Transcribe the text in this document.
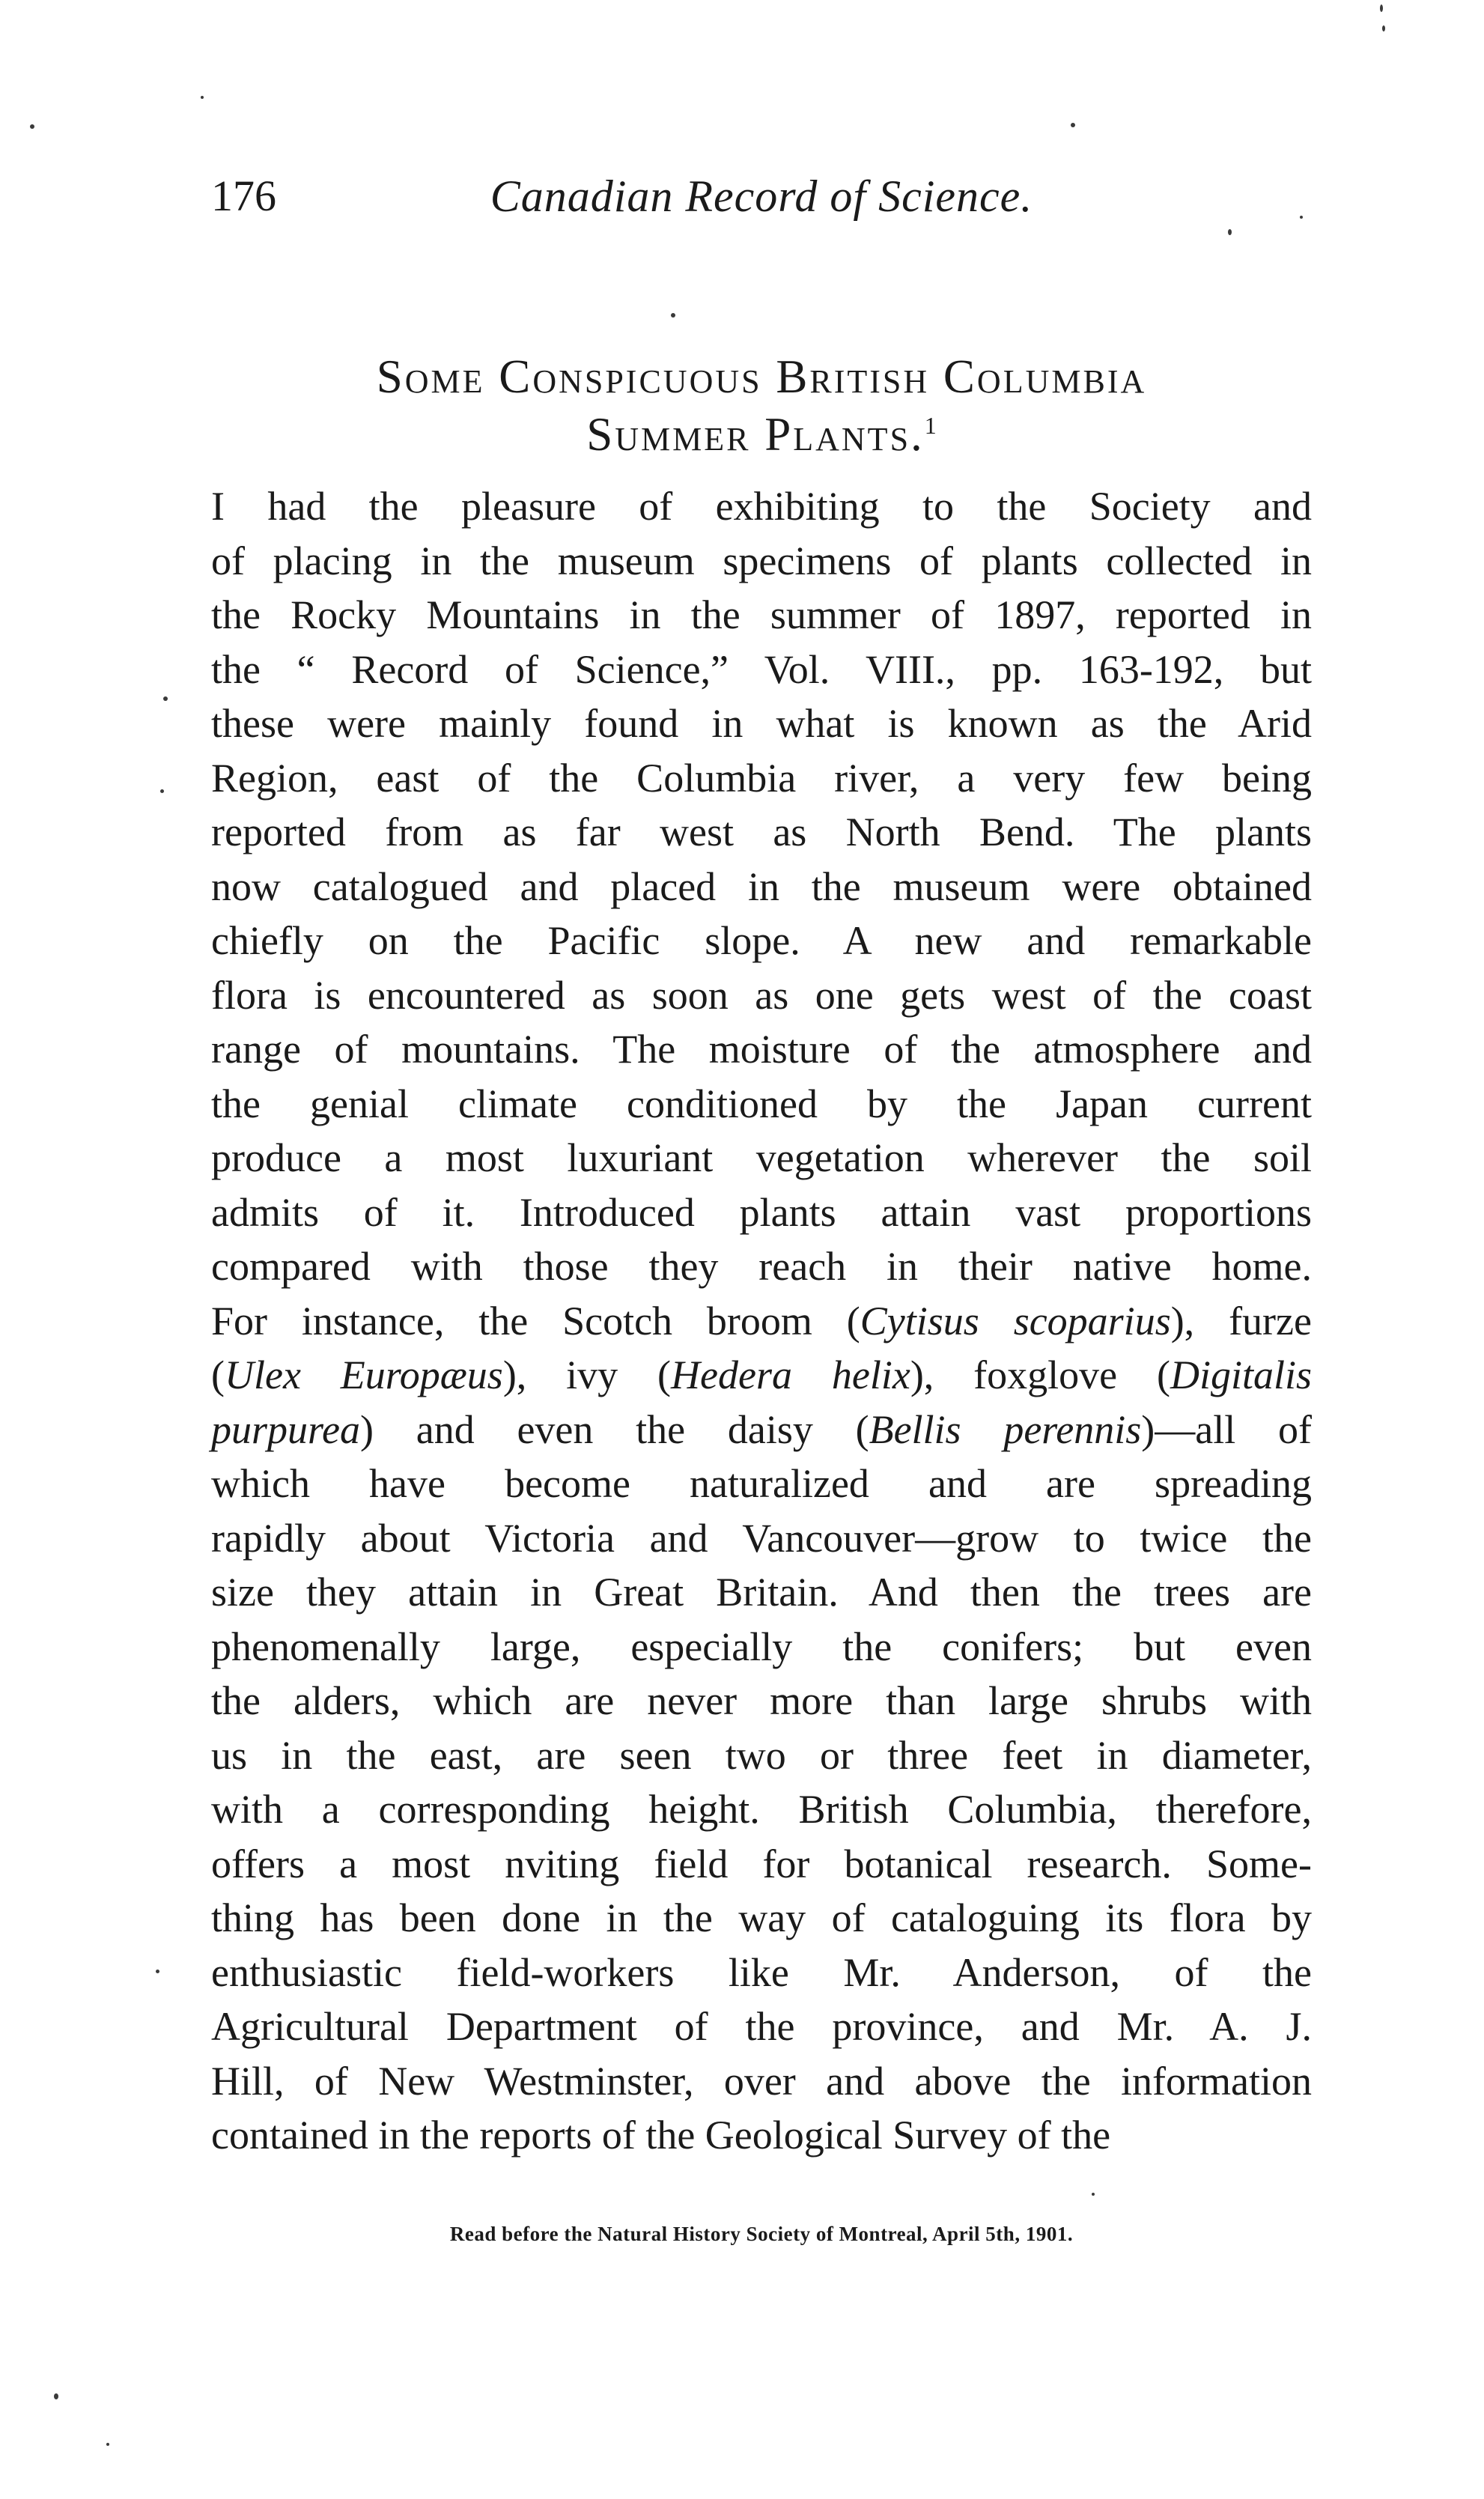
176	Canadian Record of Science.
Some Conspicuous British Columbia
Summer Plants.$^1$
I had the pleasure of exhibiting to the Society and
of placing in the museum specimens of plants collected in
the Rocky Mountains in the summer of 1897, reported in
the “ Record of Science,” Vol. VIII., pp. 163-192, but
these were mainly found in what is known as the Arid
Region, east of the Columbia river, a very few being
reported from as far west as North Bend. The plants
now catalogued and placed in the museum were obtained
chiefly on the Pacific slope. A new and remarkable
flora is encountered as soon as one gets west of the coast
range of mountains. The moisture of the atmosphere and
the genial climate conditioned by the Japan current
produce a most luxuriant vegetation wherever the soil
admits of it. Introduced plants attain vast proportions
compared with those they reach in their native home.
For instance, the Scotch broom (Cytisus scoparius), furze
(Ulex Europæus), ivy (Hedera helix), foxglove (Digitalis
purpurea) and even the daisy (Bellis perennis)—all of
which have become naturalized and are spreading
rapidly about Victoria and Vancouver—grow to twice the
size they attain in Great Britain. And then the trees are
phenomenally large, especially the conifers; but even
the alders, which are never more than large shrubs with
us in the east, are seen two or three feet in diameter,
with a corresponding height. British Columbia, therefore,
offers a most nviting field for botanical research. Some-
thing has been done in the way of cataloguing its flora by
enthusiastic field-workers like Mr. Anderson, of the
Agricultural Department of the province, and Mr. A. J.
Hill, of New Westminster, over and above the information
contained in the reports of the Geological Survey of the
Read before the Natural History Society of Montreal, April 5th, 1901.
